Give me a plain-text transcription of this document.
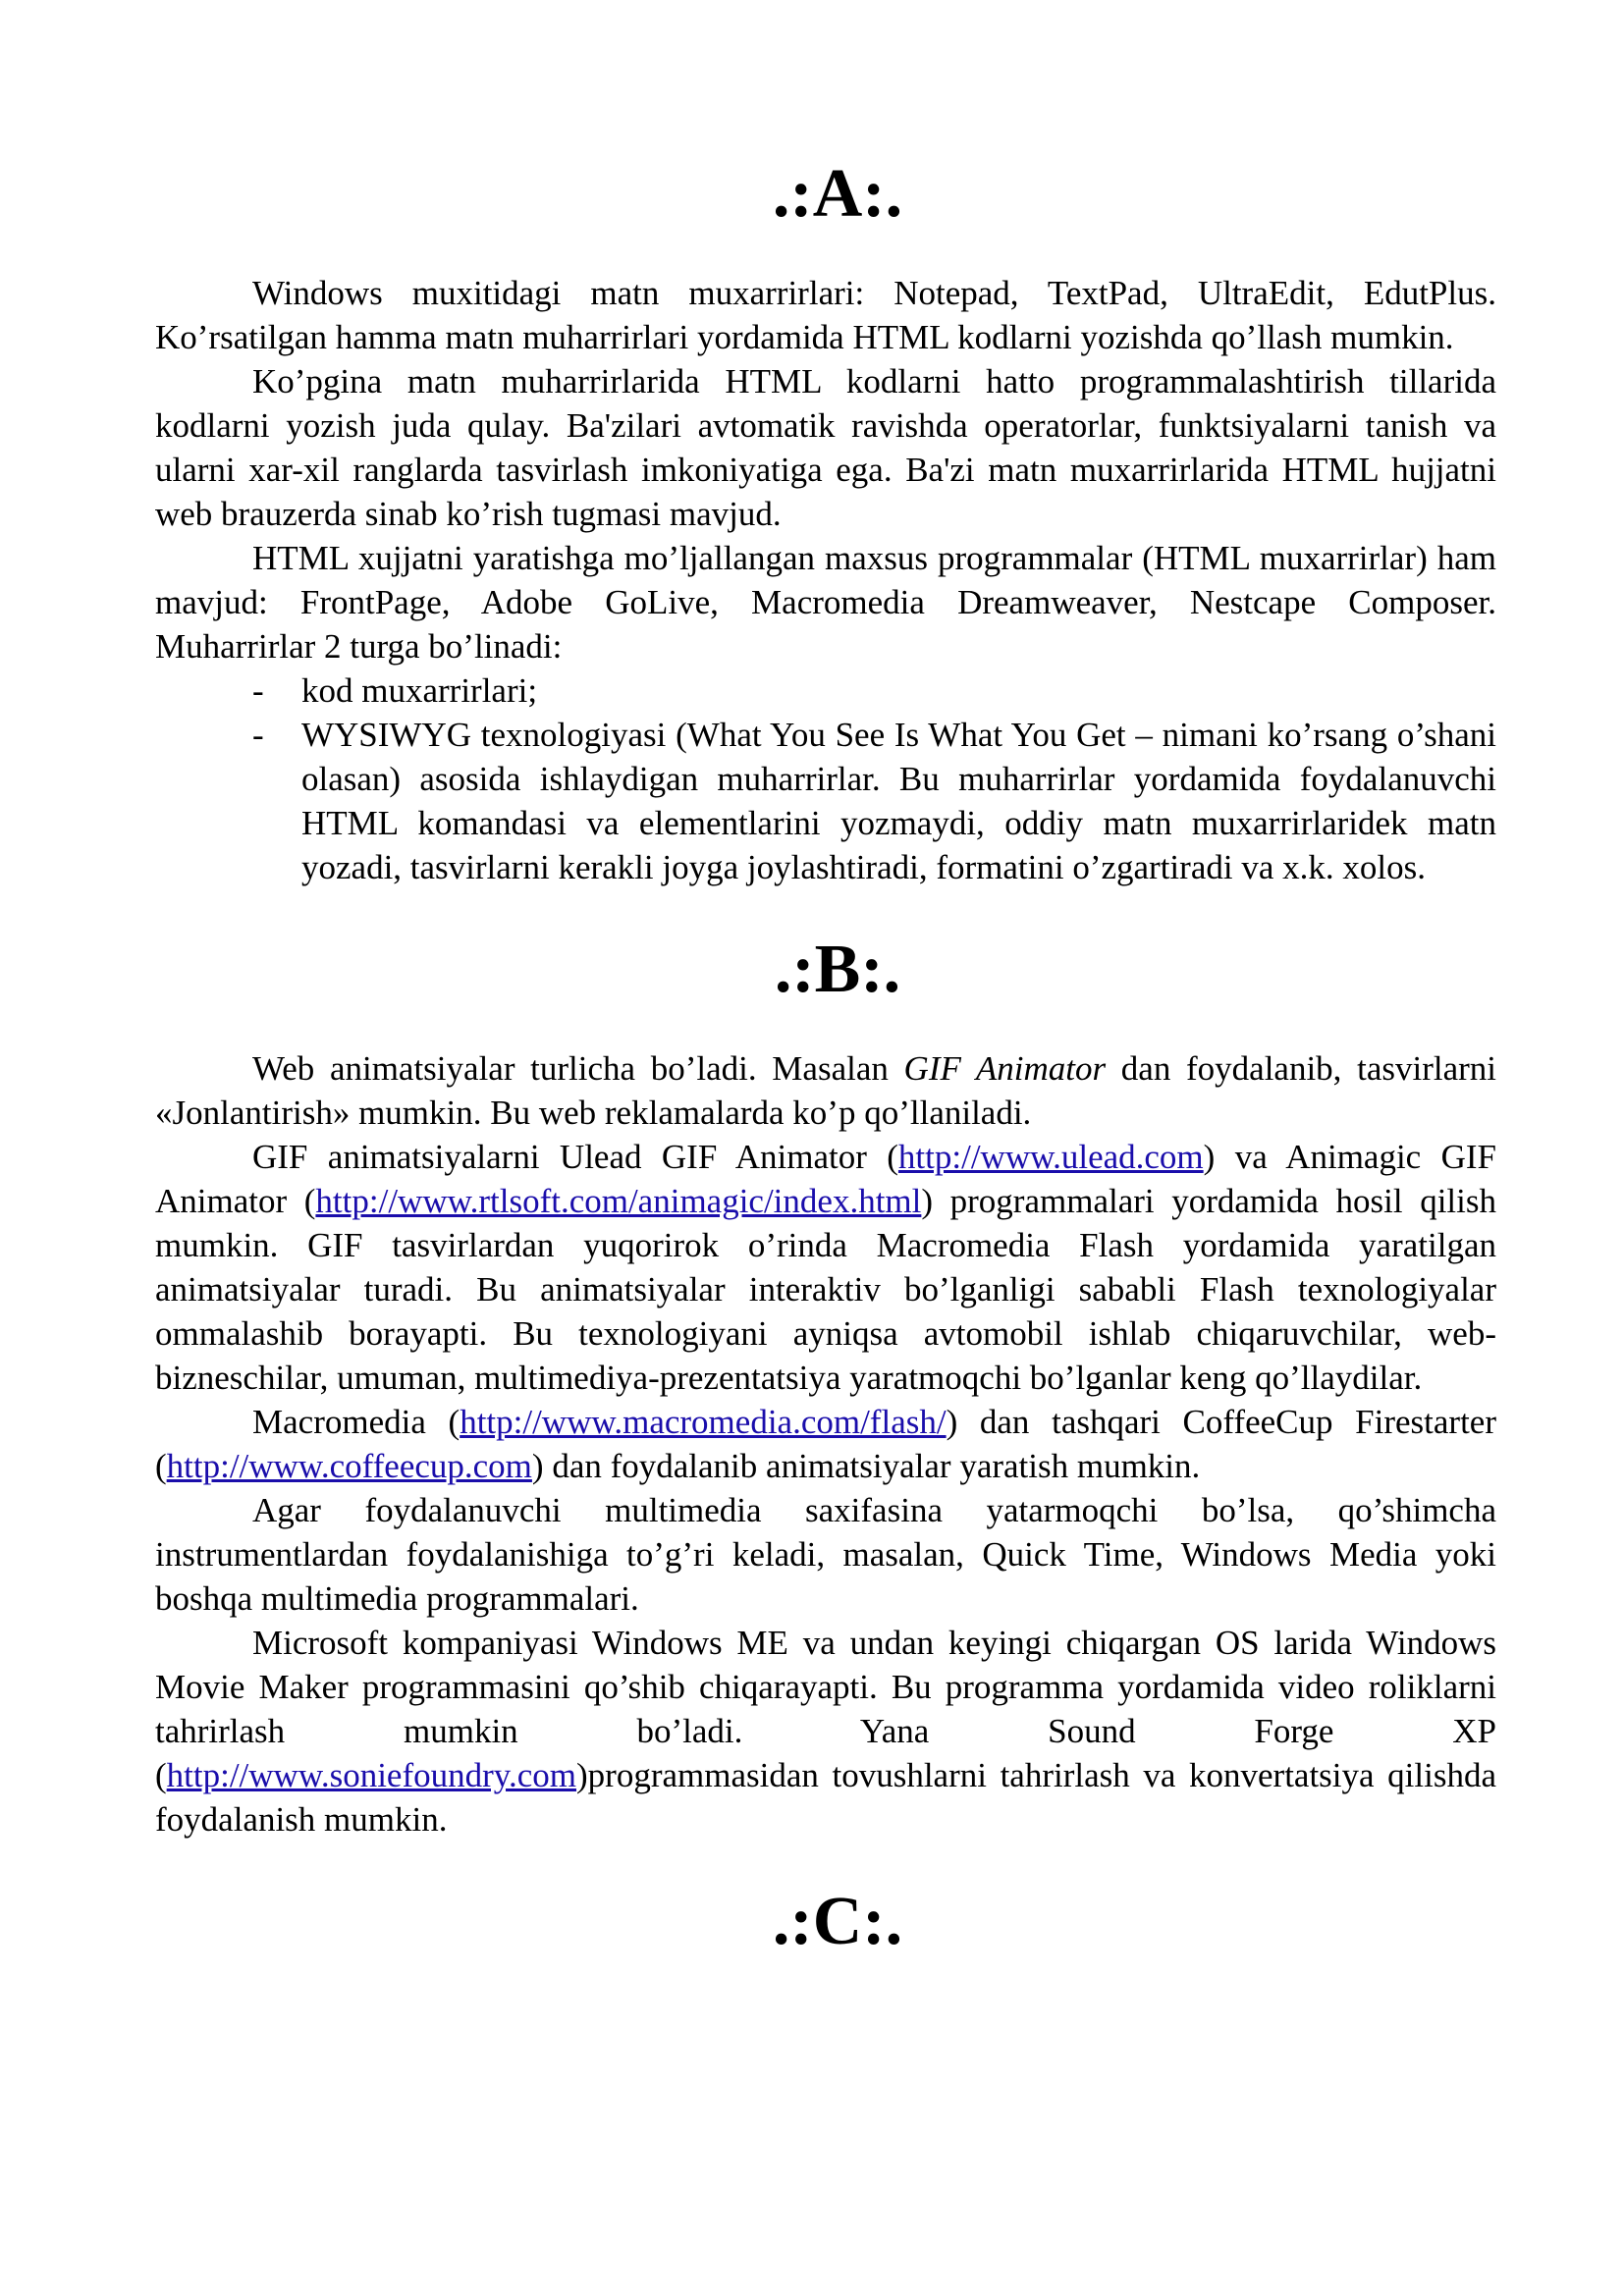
.:A:.

Windows muxitidagi matn muxarrirlari: Notepad, TextPad, UltraEdit, EdutPlus. Ko’rsatilgan hamma matn muharrirlari yordamida HTML kodlarni yozishda qo’llash mumkin.

Ko’pgina matn muharrirlarida HTML kodlarni hatto programmalashtirish tillarida kodlarni yozish juda qulay. Ba'zilari avtomatik ravishda operatorlar, funktsiyalarni tanish va ularni xar-xil ranglarda tasvirlash imkoniyatiga ega. Ba'zi matn muxarrirlarida HTML hujjatni web brauzerda sinab ko’rish tugmasi mavjud.

HTML xujjatni yaratishga mo’ljallangan maxsus programmalar (HTML muxarrirlar) ham mavjud: FrontPage, Adobe GoLive, Macromedia Dreamweaver, Nestcape Composer. Muharrirlar 2 turga bo’linadi:

- kod muxarrirlari;
- WYSIWYG texnologiyasi (What You See Is What You Get – nimani ko’rsang o’shani olasan) asosida ishlaydigan muharrirlar. Bu muharrirlar yordamida foydalanuvchi HTML komandasi va elementlarini yozmaydi, oddiy matn muxarrirlaridek matn yozadi, tasvirlarni kerakli joyga joylashtiradi, formatini o’zgartiradi va x.k. xolos.
.:B:.

Web animatsiyalar turlicha bo’ladi. Masalan GIF Animator dan foydalanib, tasvirlarni «Jonlantirish» mumkin. Bu web reklamalarda ko’p qo’llaniladi.

GIF animatsiyalarni Ulead GIF Animator (http://www.ulead.com) va Animagic GIF Animator (http://www.rtlsoft.com/animagic/index.html) programmalari yordamida hosil qilish mumkin. GIF tasvirlardan yuqorirok o’rinda Macromedia Flash yordamida yaratilgan animatsiyalar turadi. Bu animatsiyalar interaktiv bo’lganligi sababli Flash texnologiyalar ommalashib borayapti. Bu texnologiyani ayniqsa avtomobil ishlab chiqaruvchilar, web-bizneschilar, umuman, multimediya-prezentatsiya yaratmoqchi bo’lganlar keng qo’llaydilar.

Macromedia (http://www.macromedia.com/flash/) dan tashqari CoffeeCup Firestarter (http://www.coffeecup.com) dan foydalanib animatsiyalar yaratish mumkin.

Agar foydalanuvchi multimedia saxifasina yatarmoqchi bo’lsa, qo’shimcha instrumentlardan foydalanishiga to’g’ri keladi, masalan, Quick Time, Windows Media yoki boshqa multimedia programmalari.

Microsoft kompaniyasi Windows ME va undan keyingi chiqargan OS larida Windows Movie Maker programmasini qo’shib chiqarayapti. Bu programma yordamida video roliklarni tahrirlash mumkin bo’ladi. Yana Sound Forge XP (http://www.soniefoundry.com)programmasidan tovushlarni tahrirlash va konvertatsiya qilishda foydalanish mumkin.

.:C:.
